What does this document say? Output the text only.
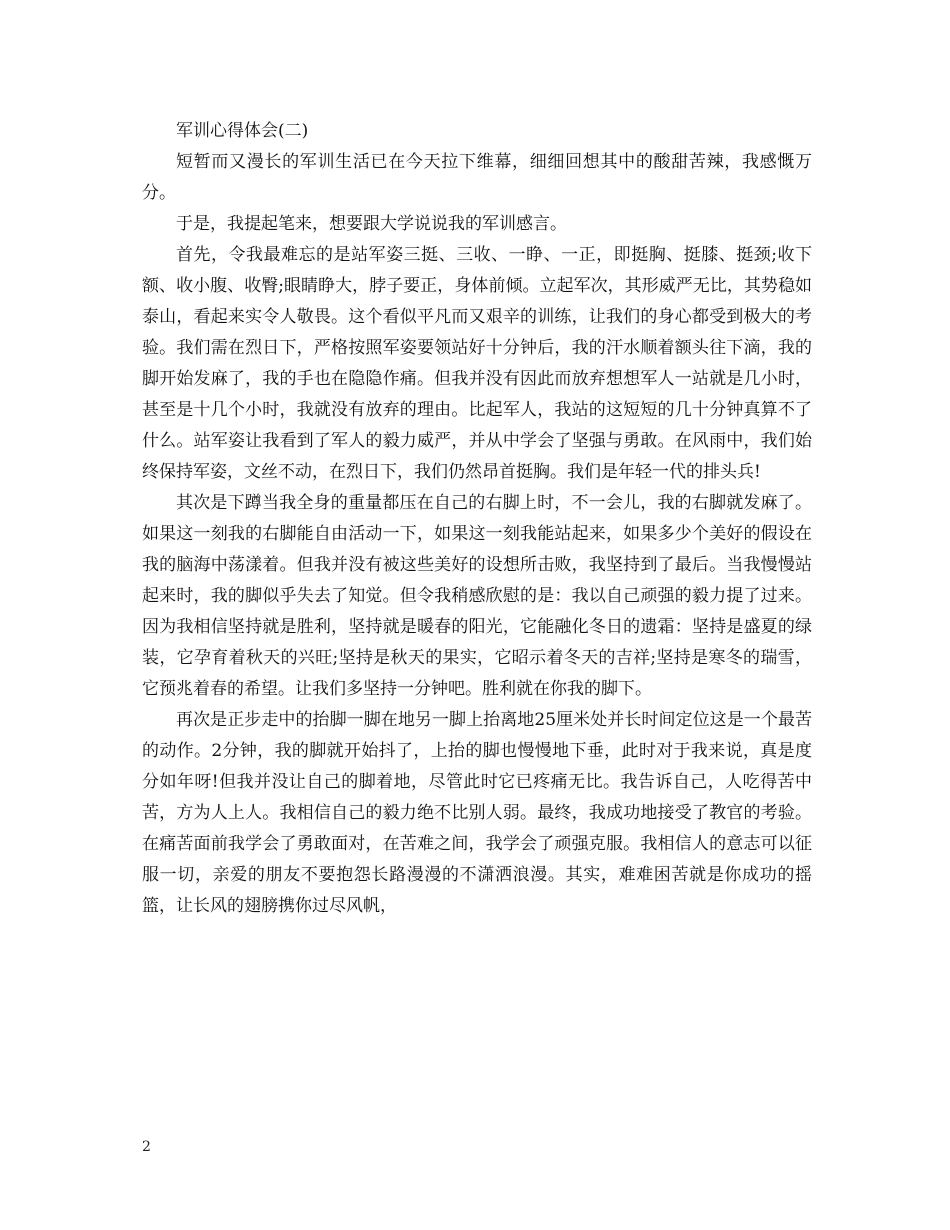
军训心得体会(二)

短暂而又漫长的军训生活已在今天拉下维幕，细细回想其中的酸甜苦辣，我感慨万分。

于是，我提起笔来，想要跟大学说说我的军训感言。

首先，令我最难忘的是站军姿三挺、三收、一睁、一正，即挺胸、挺膝、挺颈;收下额、收小腹、收臀;眼睛睁大，脖子要正，身体前倾。立起军次，其形威严无比，其势稳如泰山，看起来实令人敬畏。这个看似平凡而又艰辛的训练，让我们的身心都受到极大的考验。我们需在烈日下，严格按照军姿要领站好十分钟后，我的汗水顺着额头往下滴，我的脚开始发麻了，我的手也在隐隐作痛。但我并没有因此而放弃想想军人一站就是几小时，甚至是十几个小时，我就没有放弃的理由。比起军人，我站的这短短的几十分钟真算不了什么。站军姿让我看到了军人的毅力威严，并从中学会了坚强与勇敢。在风雨中，我们始终保持军姿，文丝不动，在烈日下，我们仍然昂首挺胸。我们是年轻一代的排头兵!

其次是下蹲当我全身的重量都压在自己的右脚上时，不一会儿，我的右脚就发麻了。如果这一刻我的右脚能自由活动一下，如果这一刻我能站起来，如果多少个美好的假设在我的脑海中荡漾着。但我并没有被这些美好的设想所击败，我坚持到了最后。当我慢慢站起来时，我的脚似乎失去了知觉。但令我稍感欣慰的是：我以自己顽强的毅力提了过来。因为我相信坚持就是胜利，坚持就是暖春的阳光，它能融化冬日的遗霜：坚持是盛夏的绿装，它孕育着秋天的兴旺;坚持是秋天的果实，它昭示着冬天的吉祥;坚持是寒冬的瑞雪，它预兆着春的希望。让我们多坚持一分钟吧。胜利就在你我的脚下。

再次是正步走中的抬脚一脚在地另一脚上抬离地25厘米处并长时间定位这是一个最苦的动作。2分钟，我的脚就开始抖了，上抬的脚也慢慢地下垂，此时对于我来说，真是度分如年呀!但我并没让自己的脚着地，尽管此时它已疼痛无比。我告诉自己，人吃得苦中苦，方为人上人。我相信自己的毅力绝不比别人弱。最终，我成功地接受了教官的考验。在痛苦面前我学会了勇敢面对，在苦难之间，我学会了顽强克服。我相信人的意志可以征服一切，亲爱的朋友不要抱怨长路漫漫的不潇洒浪漫。其实，难难困苦就是你成功的摇篮，让长风的翅膀携你过尽风帆，

2
